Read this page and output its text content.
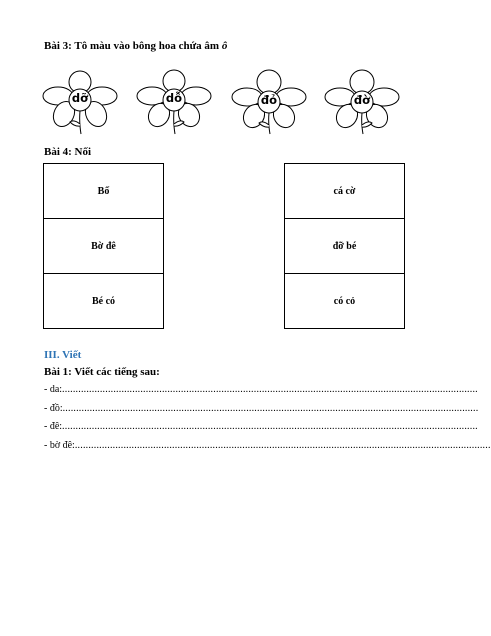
Bài 3: Tô màu vào bông hoa chứa âm ô
dỡ	dỗ	đỏ	đờ
Bài 4: Nối
Bố
Bờ đê
Bé có
cá cờ
đỡ bé
có cỏ
III. Viết
Bài 1: Viết các tiếng sau:
- da:..........................................................................................................................................................
- đồ:..........................................................................................................................................................
- đê:..........................................................................................................................................................
- bờ đê:..........................................................................................................................................................
